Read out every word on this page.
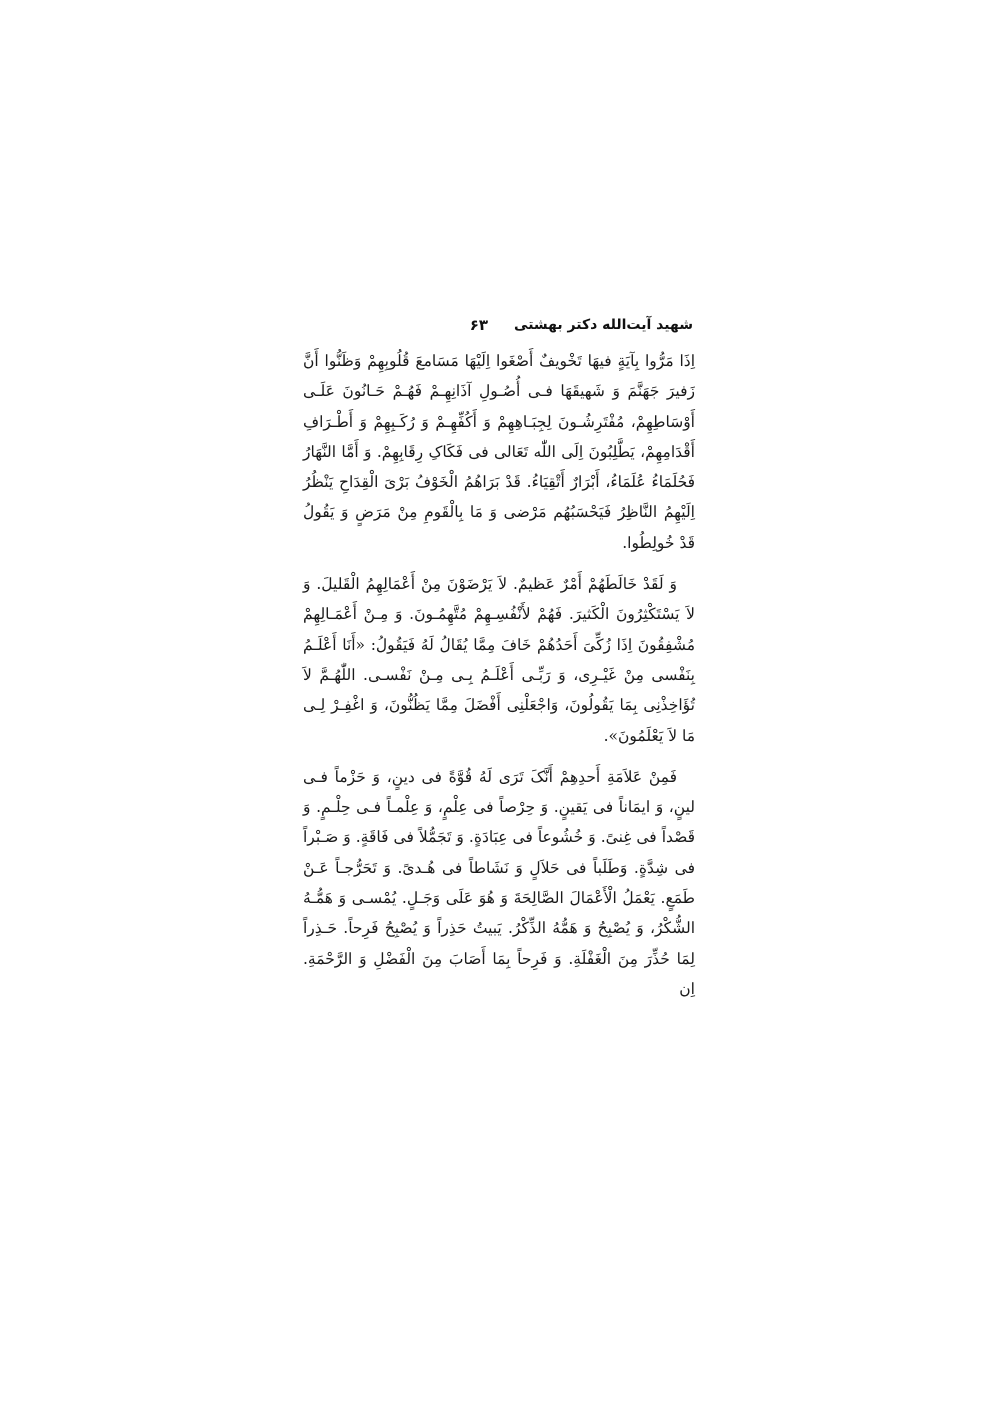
شهید آیت‌الله دکتر بهشتی
۶۳

اِذَا مَرُّوا بِآیَةٍ فیهَا تَخْویفٌ أَصْغَوا اِلَیْهَا مَسَامعَ قُلُوبِهِمْ وَظَنُّوا أَنَّ زَفیرَ جَهَنَّمَ وَ شَهیقَهَا فـی أُصُـولِ آذَانِهِـمْ فَهُـمْ حَـانُونَ عَلَـی أَوْسَاطِهِمْ، مُفْتَرِشُـونَ لِجِبَـاهِهِمْ وَ أَکُفِّهِـمْ وَ رُکَـبِهِمْ وَ أَطْـرَافِ أَقْدَامِهِمْ، یَطَّلِبُونَ اِلَی اللّٰه تَعَالی فی فَکَاکِ رِقَابِهِمْ. وَ أَمَّا النَّهَارُ فَحُلَمَاءُ عُلَمَاءُ، أَبْرَارٌ أَتْقِیَاءُ. قَدْ بَرَاهُمُ الْخَوْفُ بَرْیَ الْقِدَاحِ یَنْظُرُ اِلَیْهِمُ النَّاظِرُ فَیَحْسَبُهُم مَرْضی وَ مَا بِالْقَومِ مِنْ مَرَضٍ وَ یَقُولُ قَدْ خُولِطُوا.

وَ لَقَدْ خَالَطَهُمْ أَمْرٌ عَظیمٌ. لاَ یَرْضَوْنَ مِنْ أَعْمَالِهِمُ الْقَلیلَ. وَ لاَ یَسْتَکْثِرُونَ الْکَثیرَ. فَهُمْ لأَنْفُسِـهِمْ مُتَّهِمُـونَ. وَ مِـنْ أَعْمَـالِهِمْ مُشْفِقُونَ اِذَا زُکِّیَ أَحَدُهُمْ خَافَ مِمَّا یُقَالُ لَهُ فَیَقُولُ: «أَنَا أَعْلَـمُ بِنَفْسی مِنْ غَیْـرِی، وَ رَبِّـی أَعْلَـمُ بِـی مِـنْ نَفْسـی. اللّٰهُـمَّ لاَ تُؤَاخِذْنِی بِمَا یَقُولُونَ، وَاجْعَلْنِی أَفْضَلَ مِمَّا یَظُنُّونَ، وَ اغْفِـرْ لِـی مَا لاَ یَعْلَمُونَ».

فَمِنْ عَلاَمَةِ أَحدِهِمْ أَنَّکَ تَرَی لَهُ قُوَّةً فی دینٍ، وَ حَزْماً فـی لینٍ، وَ ایمَاناً فی یَقینٍ. وَ حِرْصاً فی عِلْمٍ، وَ عِلْمـاً فـی حِلْـمٍ. وَ قَصْداً فی غِنیً. وَ خُشُوعاً فی عِبَادَةٍ. وَ تَجَمُّلاً فی فَاقَةٍ. وَ صَـبْراً فی شِدَّةٍ. وَطَلَباً فی حَلاَلٍ وَ نَشَاطاً فی هُـدیً. وَ تَحَرُّجـاً عَـنْ طَمَعٍ. یَعْمَلُ الْأَعْمَالَ الصَّالِحَةَ وَ هُوَ عَلَی وَجَـلٍ. یُمْسـی وَ هَمُّـهُ الشُّکْرُ، وَ یُصْبِحُ وَ هَمُّهُ الذِّکْرُ. یَبیتُ حَذِراً وَ یُصْبِحُ فَرِحاً. حَـذِراً لِمَا حُذِّرَ مِنَ الْغَفْلَةِ. وَ فَرِحاً بِمَا أَصَابَ مِنَ الْفَضْلِ وَ الرَّحْمَةِ. اِن
